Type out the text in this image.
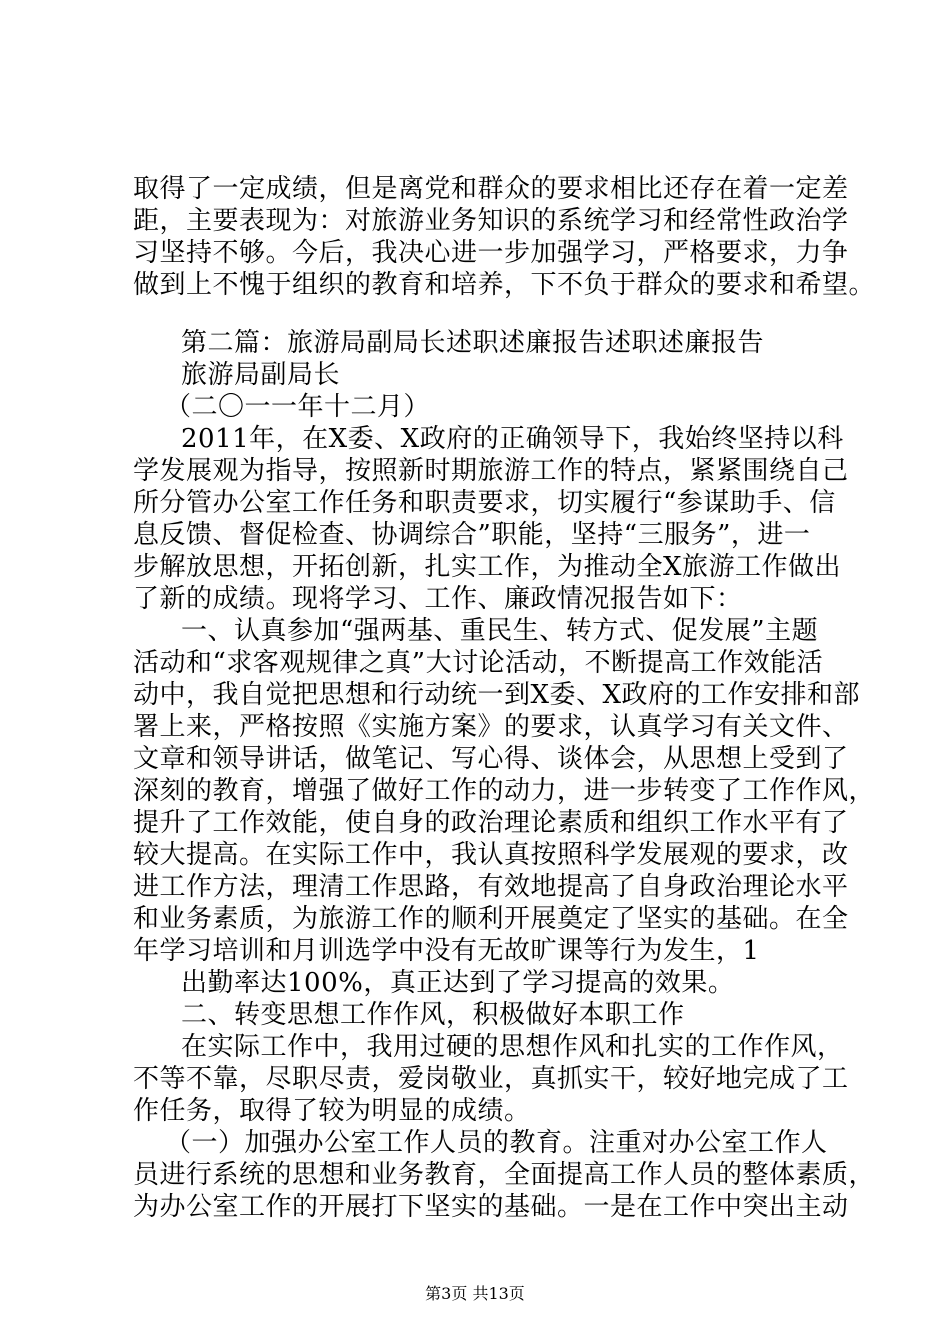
取得了一定成绩，但是离党和群众的要求相比还存在着一定差
距，主要表现为：对旅游业务知识的系统学习和经常性政治学
习坚持不够。今后，我决心进一步加强学习，严格要求，力争
做到上不愧于组织的教育和培养，下不负于群众的要求和希望。
第二篇：旅游局副局长述职述廉报告述职述廉报告
旅游局副局长
（二〇一一年十二月）
2011年，在X委、X政府的正确领导下，我始终坚持以科
学发展观为指导，按照新时期旅游工作的特点，紧紧围绕自己
所分管办公室工作任务和职责要求，切实履行“参谋助手、信
息反馈、督促检查、协调综合”职能，坚持“三服务”，进一
步解放思想，开拓创新，扎实工作，为推动全X旅游工作做出
了新的成绩。现将学习、工作、廉政情况报告如下：
一、认真参加“强两基、重民生、转方式、促发展”主题
活动和“求客观规律之真”大讨论活动，不断提高工作效能活
动中，我自觉把思想和行动统一到X委、X政府的工作安排和部
署上来，严格按照《实施方案》的要求，认真学习有关文件、
文章和领导讲话，做笔记、写心得、谈体会，从思想上受到了
深刻的教育，增强了做好工作的动力，进一步转变了工作作风，
提升了工作效能，使自身的政治理论素质和组织工作水平有了
较大提高。在实际工作中，我认真按照科学发展观的要求，改
进工作方法，理清工作思路，有效地提高了自身政治理论水平
和业务素质，为旅游工作的顺利开展奠定了坚实的基础。在全
年学习培训和月训选学中没有无故旷课等行为发生，1
出勤率达100%，真正达到了学习提高的效果。
二、转变思想工作作风，积极做好本职工作
在实际工作中，我用过硬的思想作风和扎实的工作作风，
不等不靠，尽职尽责，爱岗敬业，真抓实干，较好地完成了工
作任务，取得了较为明显的成绩。
（一）加强办公室工作人员的教育。注重对办公室工作人
员进行系统的思想和业务教育，全面提高工作人员的整体素质，
为办公室工作的开展打下坚实的基础。一是在工作中突出主动
第3页 共13页
